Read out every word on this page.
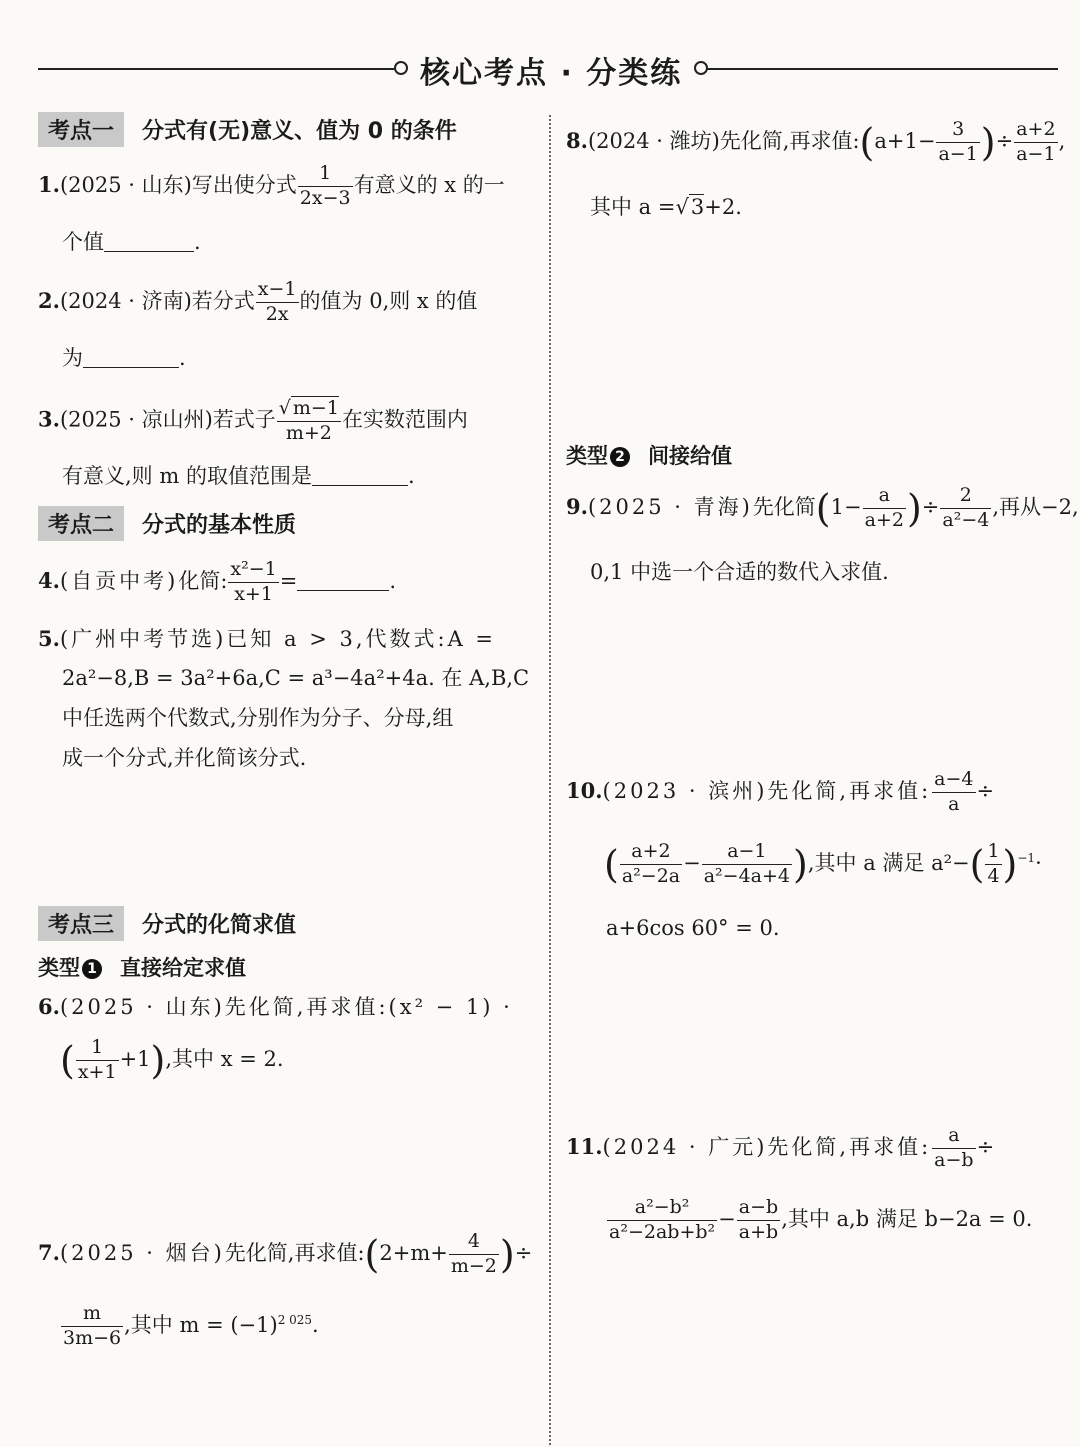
核心考点 · 分类练
考点一 分式有(无)意义、值为 0 的条件
1.(2025 · 山东)写出使分式 $\frac{1}{2x-3}$ 有意义的 x 的一
个值	.
2.(2024 · 济南)若分式 $\frac{x-1}{2x}$ 的值为 0,则 x 的值
为	.
3.(2025 · 凉山州)若式子 $\frac{√ m-1}{m+2}$ 在实数范围内
有意义,则 m 的取值范围是	.
考点二 分式的基本性质
4.(自贡中考)化简: $\frac{\text{x²−1}}{x+1}$ =	.
5.(广州中考节选)已知 a > 3,代数式:A =
2a²−8,B = 3a²+6a,C = a³−4a²+4a. 在 A,B,C
中任选两个代数式,分别作为分子、分母,组
成一个分式,并化简该分式.
考点三 分式的化简求值
类型 1 直接给定求值
6.(2025 · 山东)先化简,再求值:(x² − 1) ·
( $\frac{1}{x+1} +1$),其中 x = 2.
7.(2025 · 烟台)先化简,再求值:(2+m+ $\frac{4}{m-2}$ )÷
$\frac{m}{3m-6}$ ,其中 $m = (-1)^{2 025}$.
8.(2024 · 潍坊)先化简,再求值:(a+1− $\frac{3}{a-1}$ )÷ $\frac{a+2}{a-1}$ ,
其中 a =√3+2.
类型 2 间接给值
9.(2025 · 青海)先化简($1- \frac{a}{a+2}$ )÷ $\frac{2}{\text{a²−4}}$ ,再从−2,
0,1 中选一个合适的数代入求值.
10.(2023 · 滨州)先化简,再求值: $\frac{a-4}{a}$ ÷
( $\frac{a+2}{\text{a²−2a}} - \frac{a-1}{\text{a²−4a+4}}$ ),其中 a 满足 $a^2-( \frac{1}{4} )^{-1}\cdot$
a+6cos 60° = 0.
11.(2024 · 广元)先化简,再求值: $\frac{a}{a-b}$ ÷
$\frac{\text{a²−b²}}{\text{a²−2ab+b²}} - \frac{a-b}{a+b}$ ,其中 a,b 满足 b−2a = 0.
